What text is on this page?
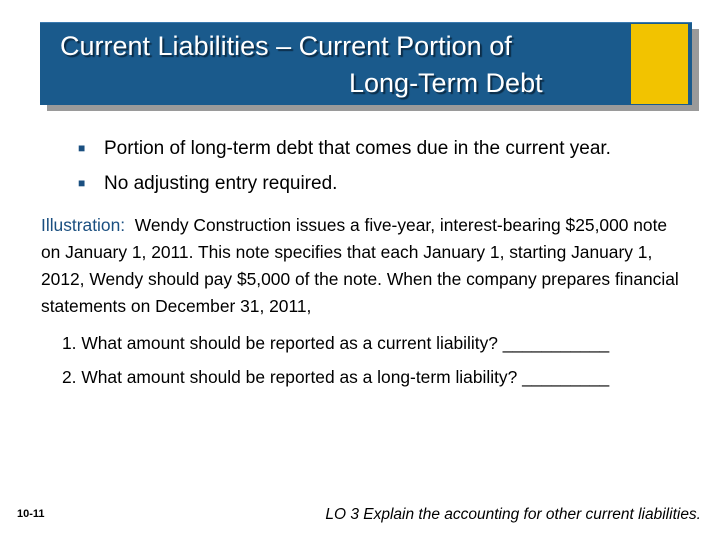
Current Liabilities – Current Portion of
Long-Term Debt
■ Portion of long-term debt that comes due in the current year.
■ No adjusting entry required.
Illustration: Wendy Construction issues a five-year, interest-bearing $25,000 note on January 1, 2011. This note specifies that each January 1, starting January 1, 2012, Wendy should pay $5,000 of the note. When the company prepares financial statements on December 31, 2011,
1. What amount should be reported as a current liability? ___________
2. What amount should be reported as a long-term liability? _________
10-11	LO 3 Explain the accounting for other current liabilities.
